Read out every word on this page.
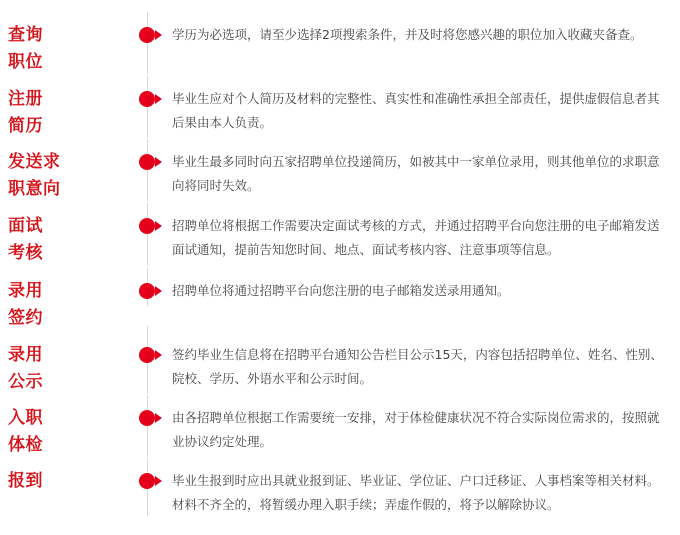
查询
职位
学历为必选项，请至少选择2项搜索条件，并及时将您感兴趣的职位加入收藏夹备查。
注册
简历
毕业生应对个人简历及材料的完整性、真实性和准确性承担全部责任，提供虚假信息者其后果由本人负责。
发送求
职意向
毕业生最多同时向五家招聘单位投递简历，如被其中一家单位录用，则其他单位的求职意向将同时失效。
面试
考核
招聘单位将根据工作需要决定面试考核的方式，并通过招聘平台向您注册的电子邮箱发送面试通知，提前告知您时间、地点、面试考核内容、注意事项等信息。
录用
签约
招聘单位将通过招聘平台向您注册的电子邮箱发送录用通知。
录用
公示
签约毕业生信息将在招聘平台通知公告栏目公示15天，内容包括招聘单位、姓名、性别、院校、学历、外语水平和公示时间。
入职
体检
由各招聘单位根据工作需要统一安排，对于体检健康状况不符合实际岗位需求的，按照就业协议约定处理。
报到	毕业生报到时应出具就业报到证、毕业证、学位证、户口迁移证、人事档案等相关材料。材料不齐全的，将暂缓办理入职手续；弄虚作假的，将予以解除协议。
